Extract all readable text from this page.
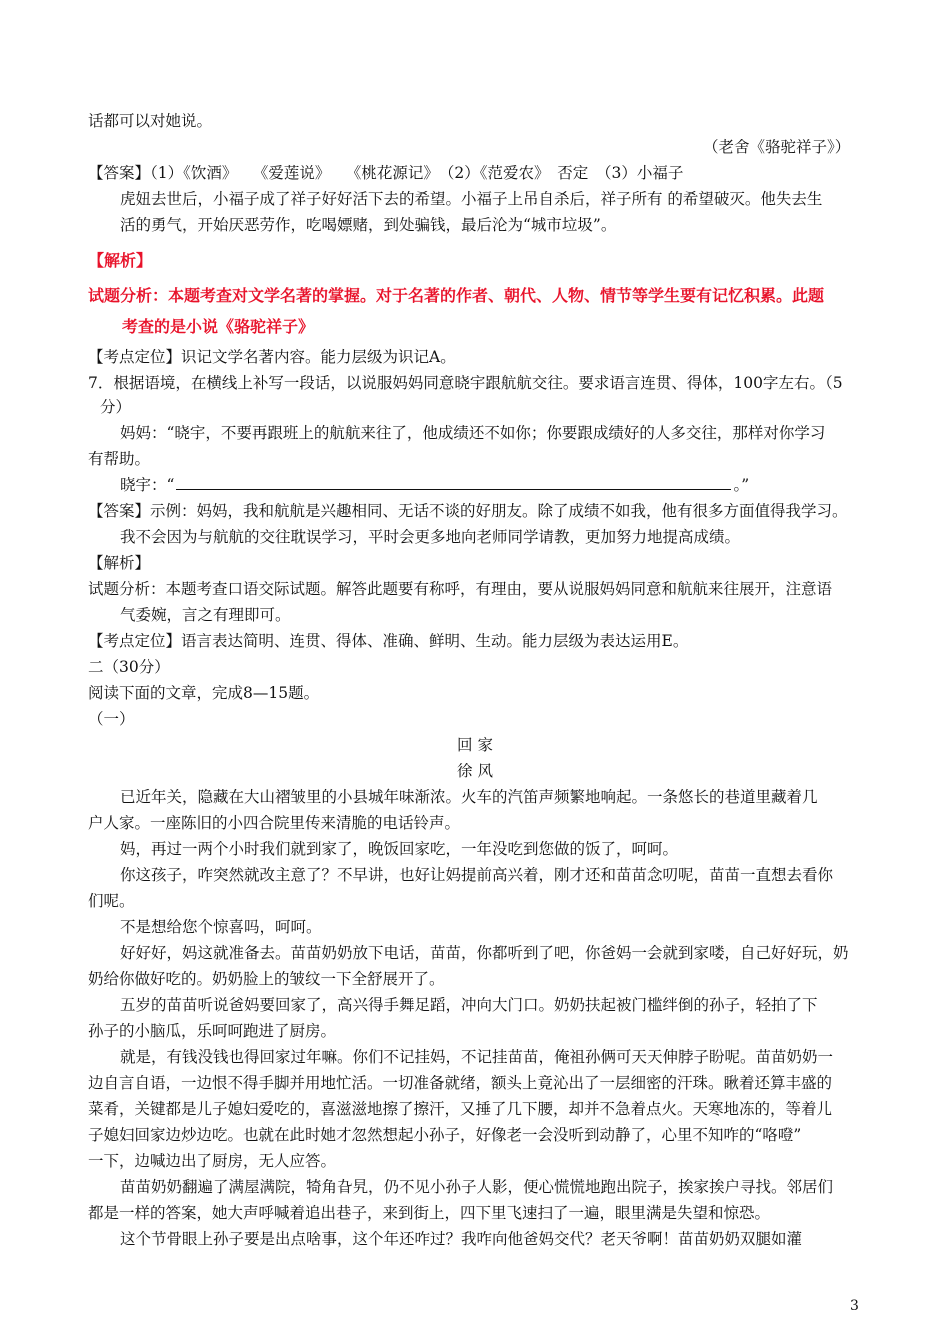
话都可以对她说。
（老舍《骆驼祥子》）
【答案】（1）《饮酒》　　《爱莲说》　　《桃花源记》　（2）《范爱农》　否定　（3）小福子
虎妞去世后，小福子成了祥子好好活下去的希望。小福子上吊自杀后，祥子所有 的希望破灭。他失去生
活的勇气，开始厌恶劳作，吃喝嫖赌，到处骗钱，最后沦为“城市垃圾”。
【解析】
试题分析：本题考查对文学名著的掌握。对于名著的作者、朝代、人物、情节等学生要有记忆积累。此题
考查的是小说《骆驼祥子》
【考点定位】识记文学名著内容。能力层级为识记A。
7．根据语境，在横线上补写一段话，以说服妈妈同意晓宇跟航航交往。要求语言连贯、得体，100字左右。（5
分）
妈妈：“晓宇，不要再跟班上的航航来往了，他成绩还不如你；你要跟成绩好的人多交往，那样对你学习
有帮助。
晓宇：“	。”
【答案】示例：妈妈，我和航航是兴趣相同、无话不谈的好朋友。除了成绩不如我，他有很多方面值得我学习。
我不会因为与航航的交往耽误学习，平时会更多地向老师同学请教，更加努力地提高成绩。
【解析】
试题分析：本题考查口语交际试题。解答此题要有称呼，有理由，要从说服妈妈同意和航航来往展开，注意语
气委婉，言之有理即可。
【考点定位】语言表达简明、连贯、得体、准确、鲜明、生动。能力层级为表达运用E。
二（30分）
阅读下面的文章，完成8—15题。
（一）
回 家
徐 风
已近年关，隐藏在大山褶皱里的小县城年味渐浓。火车的汽笛声频繁地响起。一条悠长的巷道里藏着几
户人家。一座陈旧的小四合院里传来清脆的电话铃声。
妈，再过一两个小时我们就到家了，晚饭回家吃，一年没吃到您做的饭了，呵呵。
你这孩子，咋突然就改主意了？不早讲，也好让妈提前高兴着，刚才还和苗苗念叨呢，苗苗一直想去看你
们呢。
不是想给您个惊喜吗，呵呵。
好好好，妈这就准备去。苗苗奶奶放下电话，苗苗，你都听到了吧，你爸妈一会就到家喽，自己好好玩，奶
奶给你做好吃的。奶奶脸上的皱纹一下全舒展开了。
五岁的苗苗听说爸妈要回家了，高兴得手舞足蹈，冲向大门口。奶奶扶起被门槛绊倒的孙子，轻拍了下
孙子的小脑瓜，乐呵呵跑进了厨房。
就是，有钱没钱也得回家过年嘛。你们不记挂妈，不记挂苗苗，俺祖孙俩可天天伸脖子盼呢。苗苗奶奶一
边自言自语，一边恨不得手脚并用地忙活。一切准备就绪，额头上竟沁出了一层细密的汗珠。瞅着还算丰盛的
菜肴，关键都是儿子媳妇爱吃的，喜滋滋地擦了擦汗，又捶了几下腰，却并不急着点火。天寒地冻的，等着儿
子媳妇回家边炒边吃。也就在此时她才忽然想起小孙子，好像老一会没听到动静了，心里不知咋的“咯噔”
一下，边喊边出了厨房，无人应答。
苗苗奶奶翻遍了满屋满院，犄角旮旯，仍不见小孙子人影，便心慌慌地跑出院子，挨家挨户寻找。邻居们
都是一样的答案，她大声呼喊着追出巷子，来到街上，四下里飞速扫了一遍，眼里满是失望和惊恐。
这个节骨眼上孙子要是出点啥事，这个年还咋过？我咋向他爸妈交代？老天爷啊！苗苗奶奶双腿如灌
3
